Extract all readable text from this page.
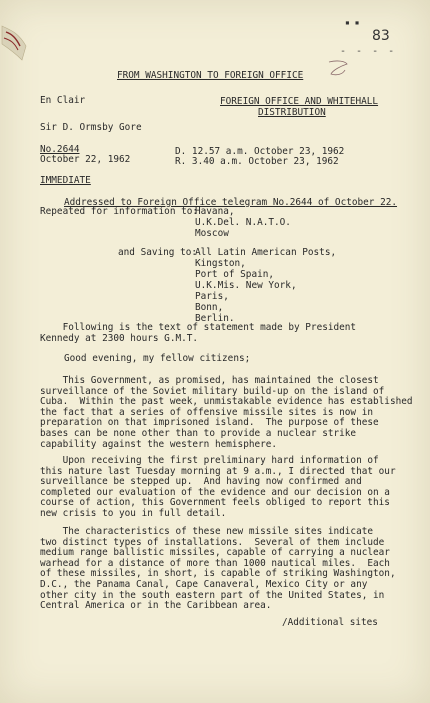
▪ ▪
83
- - - -
FROM WASHINGTON TO FOREIGN OFFICE
En Clair	FOREIGN OFFICE AND WHITEHALL
DISTRIBUTION
Sir D. Ormsby Gore
No.2644
October 22, 1962
D. 12.57 a.m. October 23, 1962
R. 3.40 a.m. October 23, 1962
IMMEDIATE
Addressed to Foreign Office telegram No.2644 of October 22.
Repeated for information to:
Havana,
U.K.Del. N.A.T.O.
Moscow
and Saving to:
All Latin American Posts,
Kingston,
Port of Spain,
U.K.Mis. New York,
Paris,
Bonn,
Berlin.
Following is the text of statement made by President
Kennedy at 2300 hours G.M.T.
Good evening, my fellow citizens;
This Government, as promised, has maintained the closest
surveillance of the Soviet military build-up on the island of
Cuba.  Within the past week, unmistakable evidence has established
the fact that a series of offensive missile sites is now in
preparation on that imprisoned island.  The purpose of these
bases can be none other than to provide a nuclear strike
capability against the western hemisphere.
Upon receiving the first preliminary hard information of
this nature last Tuesday morning at 9 a.m., I directed that our
surveillance be stepped up.  And having now confirmed and
completed our evaluation of the evidence and our decision on a
course of action, this Government feels obliged to report this
new crisis to you in full detail.
The characteristics of these new missile sites indicate
two distinct types of installations.  Several of them include
medium range ballistic missiles, capable of carrying a nuclear
warhead for a distance of more than 1000 nautical miles.  Each
of these missiles, in short, is capable of striking Washington,
D.C., the Panama Canal, Cape Canaveral, Mexico City or any
other city in the south eastern part of the United States, in
Central America or in the Caribbean area.
/Additional sites
